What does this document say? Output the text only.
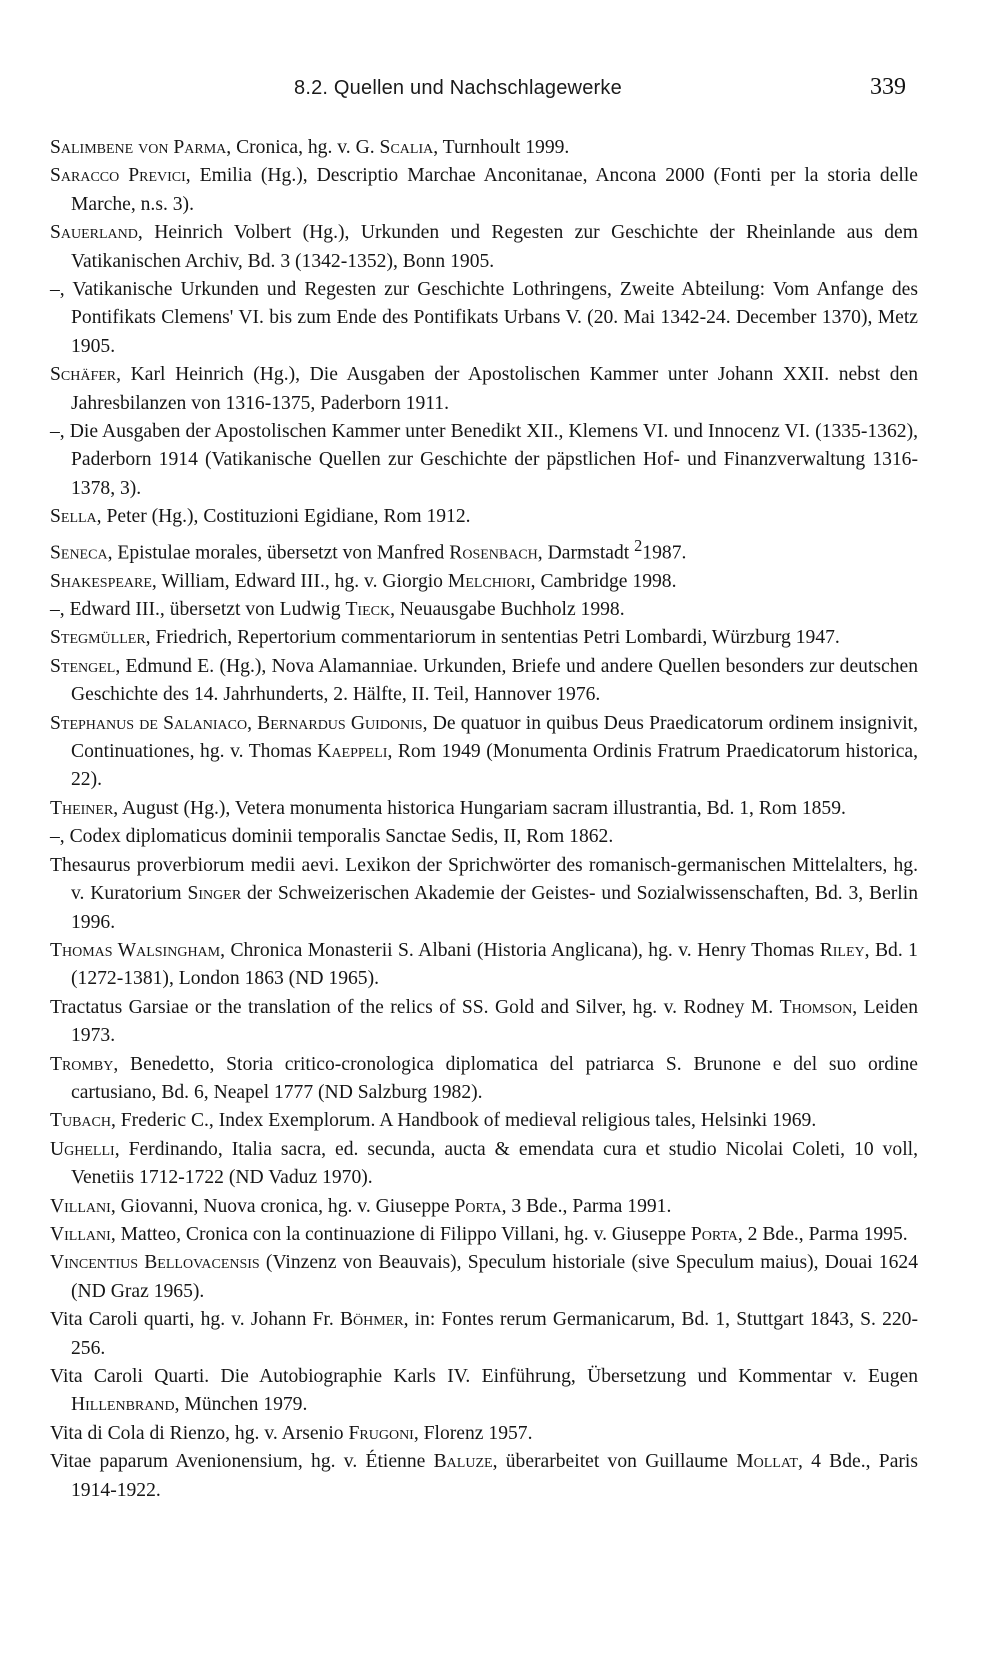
8.2. Quellen und Nachschlagewerke	339

Salimbene von Parma, Cronica, hg. v. G. Scalia, Turnhoult 1999.

Saracco Previci, Emilia (Hg.), Descriptio Marchae Anconitanae, Ancona 2000 (Fonti per la storia delle Marche, n.s. 3).

Sauerland, Heinrich Volbert (Hg.), Urkunden und Regesten zur Geschichte der Rheinlande aus dem Vatikanischen Archiv, Bd. 3 (1342-1352), Bonn 1905.

–, Vatikanische Urkunden und Regesten zur Geschichte Lothringens, Zweite Abteilung: Vom Anfange des Pontifikats Clemens' VI. bis zum Ende des Pontifikats Urbans V. (20. Mai 1342-24. December 1370), Metz 1905.

Schäfer, Karl Heinrich (Hg.), Die Ausgaben der Apostolischen Kammer unter Johann XXII. nebst den Jahresbilanzen von 1316-1375, Paderborn 1911.

–, Die Ausgaben der Apostolischen Kammer unter Benedikt XII., Klemens VI. und Innocenz VI. (1335-1362), Paderborn 1914 (Vatikanische Quellen zur Geschichte der päpstlichen Hof- und Finanzverwaltung 1316-1378, 3).

Sella, Peter (Hg.), Costituzioni Egidiane, Rom 1912.

Seneca, Epistulae morales, übersetzt von Manfred Rosenbach, Darmstadt $^2$1987.

Shakespeare, William, Edward III., hg. v. Giorgio Melchiori, Cambridge 1998.

–, Edward III., übersetzt von Ludwig Tieck, Neuausgabe Buchholz 1998.

Stegmüller, Friedrich, Repertorium commentariorum in sententias Petri Lombardi, Würzburg 1947.

Stengel, Edmund E. (Hg.), Nova Alamanniae. Urkunden, Briefe und andere Quellen besonders zur deutschen Geschichte des 14. Jahrhunderts, 2. Hälfte, II. Teil, Hannover 1976.

Stephanus de Salaniaco, Bernardus Guidonis, De quatuor in quibus Deus Praedicatorum ordinem insignivit, Continuationes, hg. v. Thomas Kaeppeli, Rom 1949 (Monumenta Ordinis Fratrum Praedicatorum historica, 22).

Theiner, August (Hg.), Vetera monumenta historica Hungariam sacram illustrantia, Bd. 1, Rom 1859.

–, Codex diplomaticus dominii temporalis Sanctae Sedis, II, Rom 1862.

Thesaurus proverbiorum medii aevi. Lexikon der Sprichwörter des romanisch-germanischen Mittelalters, hg. v. Kuratorium Singer der Schweizerischen Akademie der Geistes- und Sozialwissenschaften, Bd. 3, Berlin 1996.

Thomas Walsingham, Chronica Monasterii S. Albani (Historia Anglicana), hg. v. Henry Thomas Riley, Bd. 1 (1272-1381), London 1863 (ND 1965).

Tractatus Garsiae or the translation of the relics of SS. Gold and Silver, hg. v. Rodney M. Thomson, Leiden 1973.

Tromby, Benedetto, Storia critico-cronologica diplomatica del patriarca S. Brunone e del suo ordine cartusiano, Bd. 6, Neapel 1777 (ND Salzburg 1982).

Tubach, Frederic C., Index Exemplorum. A Handbook of medieval religious tales, Helsinki 1969.

Ughelli, Ferdinando, Italia sacra, ed. secunda, aucta & emendata cura et studio Nicolai Coleti, 10 voll, Venetiis 1712-1722 (ND Vaduz 1970).

Villani, Giovanni, Nuova cronica, hg. v. Giuseppe Porta, 3 Bde., Parma 1991.

Villani, Matteo, Cronica con la continuazione di Filippo Villani, hg. v. Giuseppe Porta, 2 Bde., Parma 1995.

Vincentius Bellovacensis (Vinzenz von Beauvais), Speculum historiale (sive Speculum maius), Douai 1624 (ND Graz 1965).

Vita Caroli quarti, hg. v. Johann Fr. Böhmer, in: Fontes rerum Germanicarum, Bd. 1, Stuttgart 1843, S. 220-256.

Vita Caroli Quarti. Die Autobiographie Karls IV. Einführung, Übersetzung und Kommentar v. Eugen Hillenbrand, München 1979.

Vita di Cola di Rienzo, hg. v. Arsenio Frugoni, Florenz 1957.

Vitae paparum Avenionensium, hg. v. Étienne Baluze, überarbeitet von Guillaume Mollat, 4 Bde., Paris 1914-1922.
